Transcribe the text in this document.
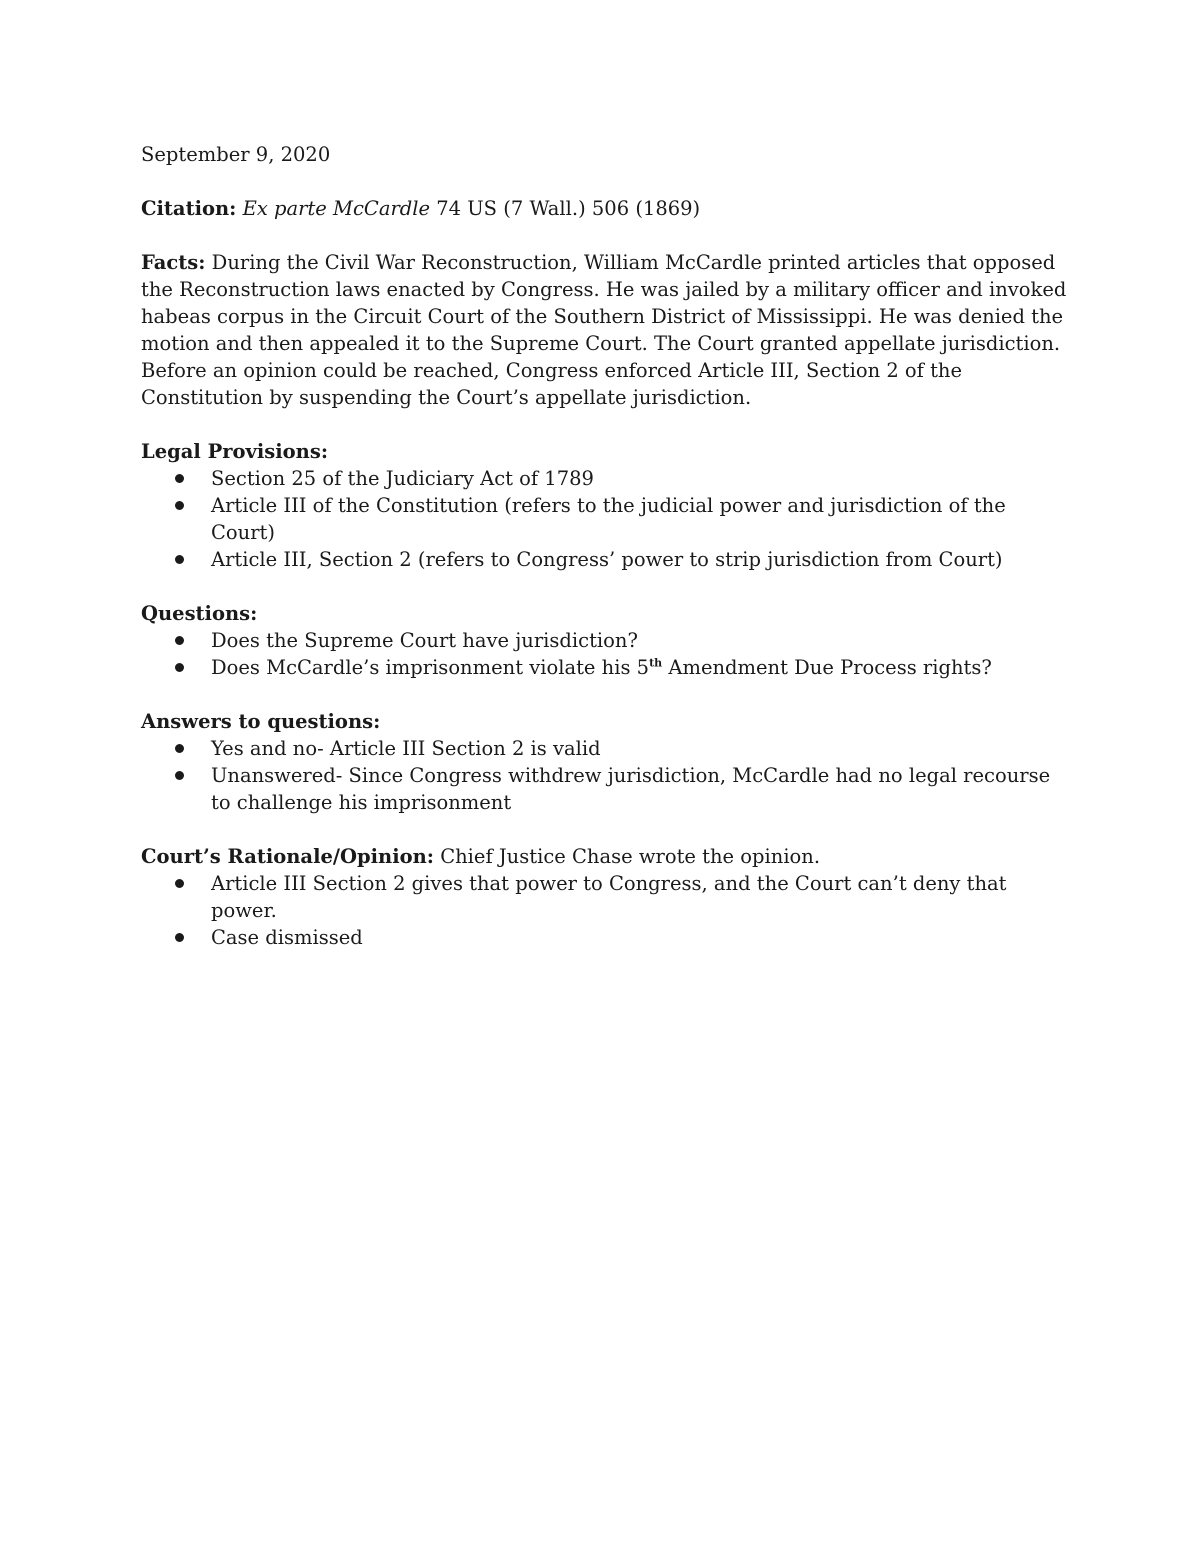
September 9, 2020

Citation: Ex parte McCardle 74 US (7 Wall.) 506 (1869)

Facts: During the Civil War Reconstruction, William McCardle printed articles that opposed the Reconstruction laws enacted by Congress. He was jailed by a military officer and invoked habeas corpus in the Circuit Court of the Southern District of Mississippi. He was denied the motion and then appealed it to the Supreme Court. The Court granted appellate jurisdiction. Before an opinion could be reached, Congress enforced Article III, Section 2 of the Constitution by suspending the Court’s appellate jurisdiction.

Legal Provisions:

Section 25 of the Judiciary Act of 1789
Article III of the Constitution (refers to the judicial power and jurisdiction of the Court)
Article III, Section 2 (refers to Congress’ power to strip jurisdiction from Court)

Questions:

Does the Supreme Court have jurisdiction?
Does McCardle’s imprisonment violate his 5th Amendment Due Process rights?

Answers to questions:

Yes and no- Article III Section 2 is valid
Unanswered- Since Congress withdrew jurisdiction, McCardle had no legal recourse to challenge his imprisonment

Court’s Rationale/Opinion: Chief Justice Chase wrote the opinion.

Article III Section 2 gives that power to Congress, and the Court can’t deny that power.
Case dismissed
